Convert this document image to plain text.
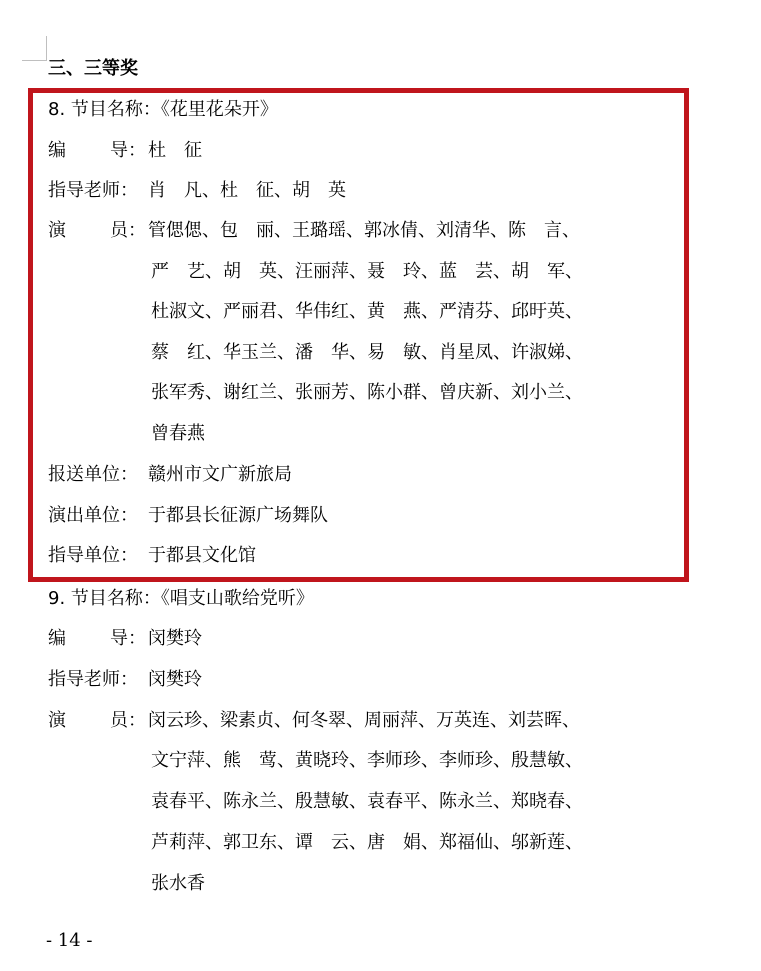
三、三等奖
8. 节目名称：《花里花朵开》
编 导： 杜　征
指导老师： 肖　凡、杜　征、胡　英
演 员： 管偲偲、包　丽、王璐瑶、郭冰倩、刘清华、陈　言、
严　艺、胡　英、汪丽萍、聂　玲、蓝　芸、胡　军、
杜淑文、严丽君、华伟红、黄　燕、严清芬、邱旴英、
蔡　红、华玉兰、潘　华、易　敏、肖星凤、许淑娣、
张军秀、谢红兰、张丽芳、陈小群、曾庆新、刘小兰、
曾春燕
报送单位： 赣州市文广新旅局
演出单位： 于都县长征源广场舞队
指导单位： 于都县文化馆
9. 节目名称：《唱支山歌给党听》
编 导： 闵樊玲
指导老师： 闵樊玲
演 员： 闵云珍、梁素贞、何冬翠、周丽萍、万英连、刘芸晖、
文宁萍、熊　莺、黄晓玲、李师珍、李师珍、殷慧敏、
袁春平、陈永兰、殷慧敏、袁春平、陈永兰、郑晓春、
芦莉萍、郭卫东、谭　云、唐　娟、郑福仙、邬新莲、
张水香
- 14 -
